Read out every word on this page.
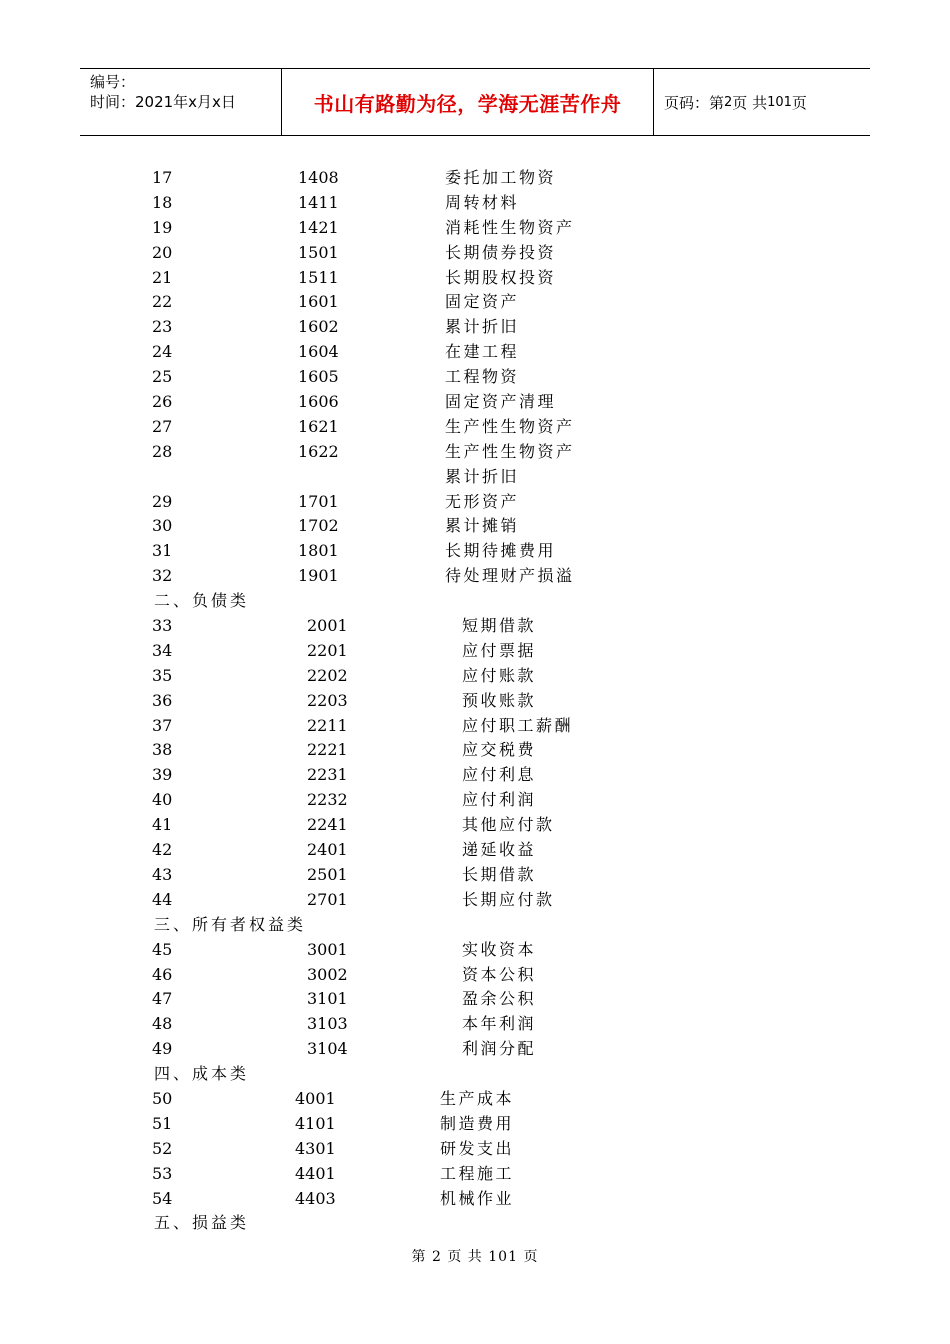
编号：
时间：2021年x月x日	书山有路勤为径，学海无涯苦作舟	页码：第 2 页 共 101 页
17	1408	委托加工物资
18	1411	周转材料
19	1421	消耗性生物资产
20	1501	长期债券投资
21	1511	长期股权投资
22	1601	固定资产
23	1602	累计折旧
24	1604	在建工程
25	1605	工程物资
26	1606	固定资产清理
27	1621	生产性生物资产
28	1622	生产性生物资产
累计折旧
29	1701	无形资产
30	1702	累计摊销
31	1801	长期待摊费用
32	1901	待处理财产损溢
二、负债类
33	2001	短期借款
34	2201	应付票据
35	2202	应付账款
36	2203	预收账款
37	2211	应付职工薪酬
38	2221	应交税费
39	2231	应付利息
40	2232	应付利润
41	2241	其他应付款
42	2401	递延收益
43	2501	长期借款
44	2701	长期应付款
三、所有者权益类
45	3001	实收资本
46	3002	资本公积
47	3101	盈余公积
48	3103	本年利润
49	3104	利润分配
四、成本类
50	4001	生产成本
51	4101	制造费用
52	4301	研发支出
53	4401	工程施工
54	4403	机械作业
五、损益类
第 2 页 共 101 页
